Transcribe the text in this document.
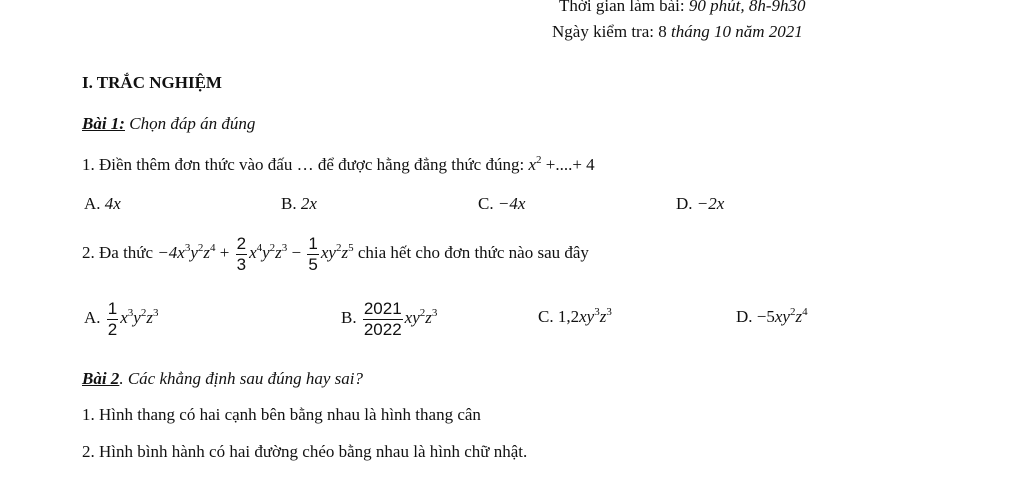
Thời gian làm bài: 90 phút, 8h-9h30
Ngày kiểm tra: 8 tháng 10 năm 2021
I. TRẮC NGHIỆM
Bài 1: Chọn đáp án đúng
1. Điền thêm đơn thức vào đấu … để được hằng đẳng thức đúng: $x^2$ +....+ 4
A. 4x	B. 2x	C. −4x	D. −2x
2. Đa thức $-4x^3y^2z^4 + \frac{2}{3} x^4y^2z^3 - \frac{1}{5} xy^2z^5$ chia hết cho đơn thức nào sau đây
A. $\frac{1}{2} x^3y^2z^3$	B. $\frac{2021}{2022} xy^2z^3$	C. $1,2xy^3z^3$	D. $-5xy^2z^4$
Bài 2. Các khẳng định sau đúng hay sai?
1. Hình thang có hai cạnh bên bằng nhau là hình thang cân
2. Hình bình hành có hai đường chéo bằng nhau là hình chữ nhật.
